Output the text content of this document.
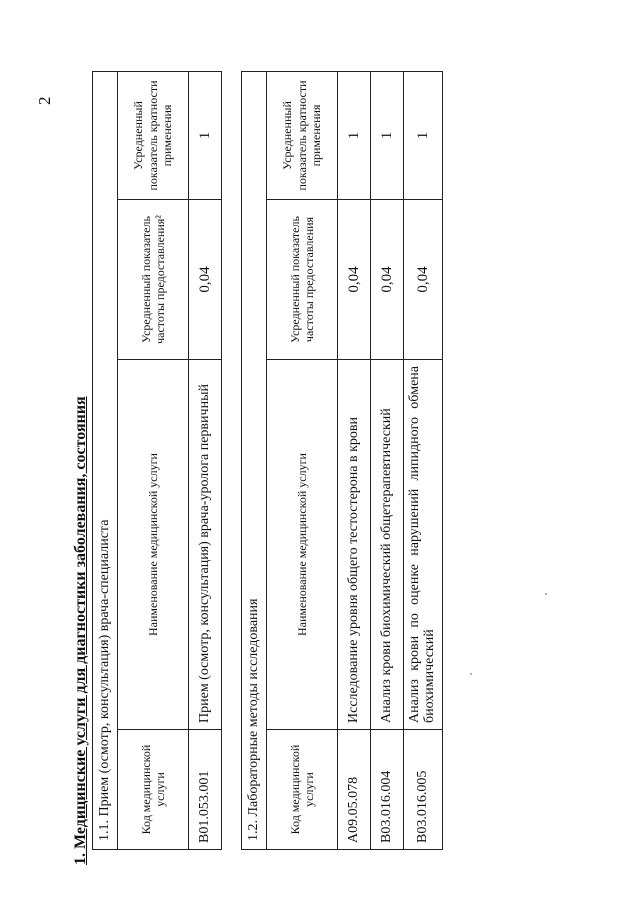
2
1. Медицинские услуги для диагностики заболевания, состояния 1.1. Прием (осмотр, консультация) врача-специалиста			
Код медицинской услуги	Наименование медицинской услуги	Усредненный показатель частоты предоставления²	Усредненный показатель кратности применения
B01.053.001	Прием (осмотр, консультация) врача-уролога первичный	0,04	1
1.2. Лабораторные методы исследования			
Код медицинской услуги	Наименование медицинской услуги	Усредненный показатель частоты предоставления	Усредненный показатель кратности применения
A09.05.078	Исследование уровня общего тестостерона в крови	0,04	1
B03.016.004	Анализ крови биохимический общетерапевтический	0,04	1
B03.016.005	Анализ крови по оценке нарушений липидного обмена биохимический	0,04	1
